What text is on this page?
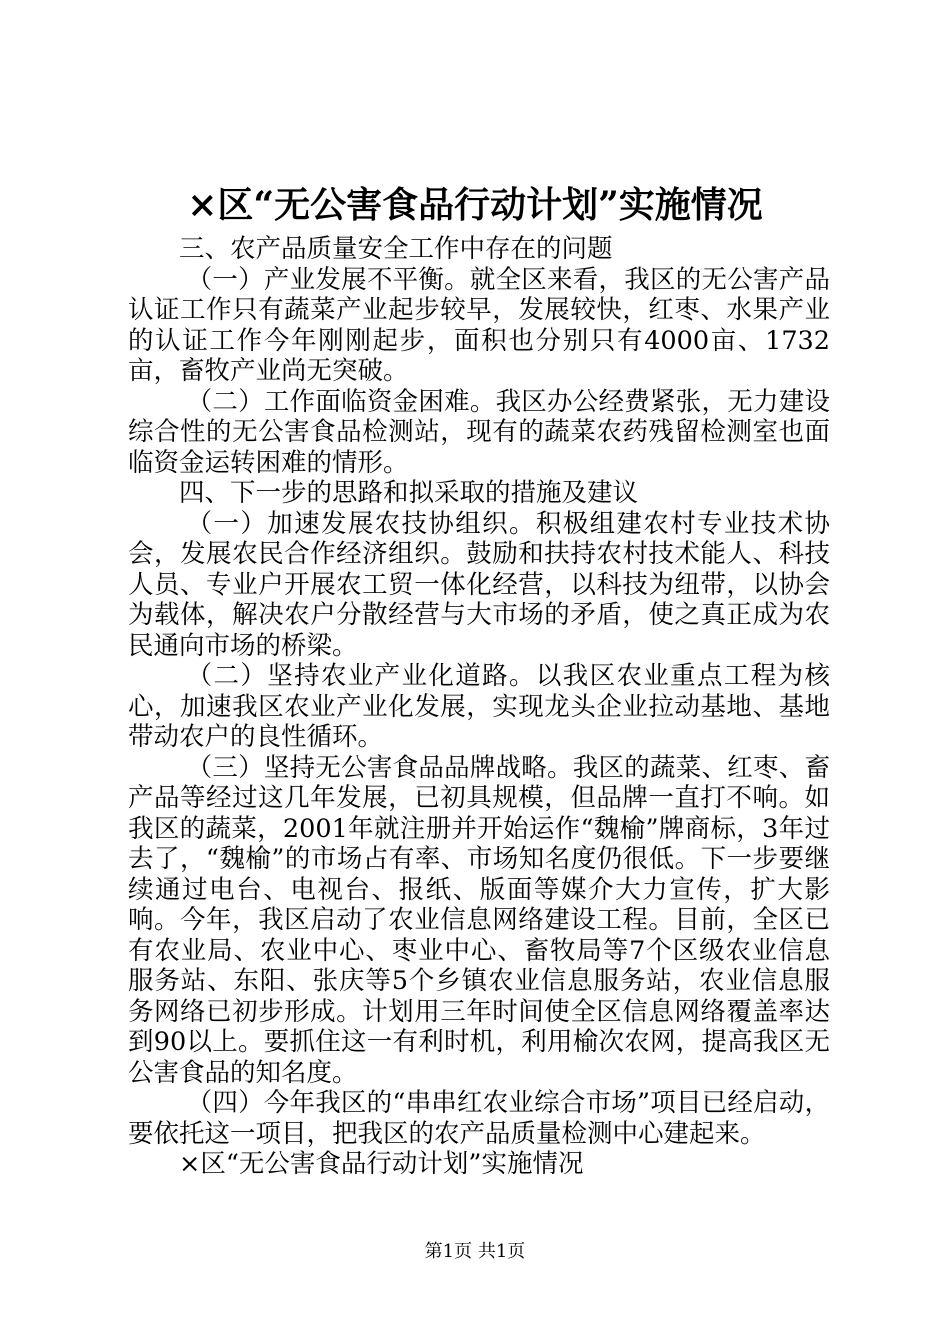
×区“无公害食品行动计划”实施情况

三、农产品质量安全工作中存在的问题

（一）产业发展不平衡。就全区来看，我区的无公害产品认证工作只有蔬菜产业起步较早，发展较快，红枣、水果产业的认证工作今年刚刚起步，面积也分别只有4000亩、1732亩，畜牧产业尚无突破。

（二）工作面临资金困难。我区办公经费紧张，无力建设综合性的无公害食品检测站，现有的蔬菜农药残留检测室也面临资金运转困难的情形。

四、下一步的思路和拟采取的措施及建议

（一）加速发展农技协组织。积极组建农村专业技术协会，发展农民合作经济组织。鼓励和扶持农村技术能人、科技人员、专业户开展农工贸一体化经营，以科技为纽带，以协会为载体，解决农户分散经营与大市场的矛盾，使之真正成为农民通向市场的桥梁。

（二）坚持农业产业化道路。以我区农业重点工程为核心，加速我区农业产业化发展，实现龙头企业拉动基地、基地带动农户的良性循环。

（三）坚持无公害食品品牌战略。我区的蔬菜、红枣、畜产品等经过这几年发展，已初具规模，但品牌一直打不响。如我区的蔬菜，2001年就注册并开始运作“魏榆”牌商标，3年过去了，“魏榆”的市场占有率、市场知名度仍很低。下一步要继续通过电台、电视台、报纸、版面等媒介大力宣传，扩大影响。今年，我区启动了农业信息网络建设工程。目前，全区已有农业局、农业中心、枣业中心、畜牧局等7个区级农业信息服务站、东阳、张庆等5个乡镇农业信息服务站，农业信息服务网络已初步形成。计划用三年时间使全区信息网络覆盖率达到90以上。要抓住这一有利时机，利用榆次农网，提高我区无公害食品的知名度。

（四）今年我区的“串串红农业综合市场”项目已经启动，要依托这一项目，把我区的农产品质量检测中心建起来。

×区“无公害食品行动计划”实施情况

第1页 共1页
